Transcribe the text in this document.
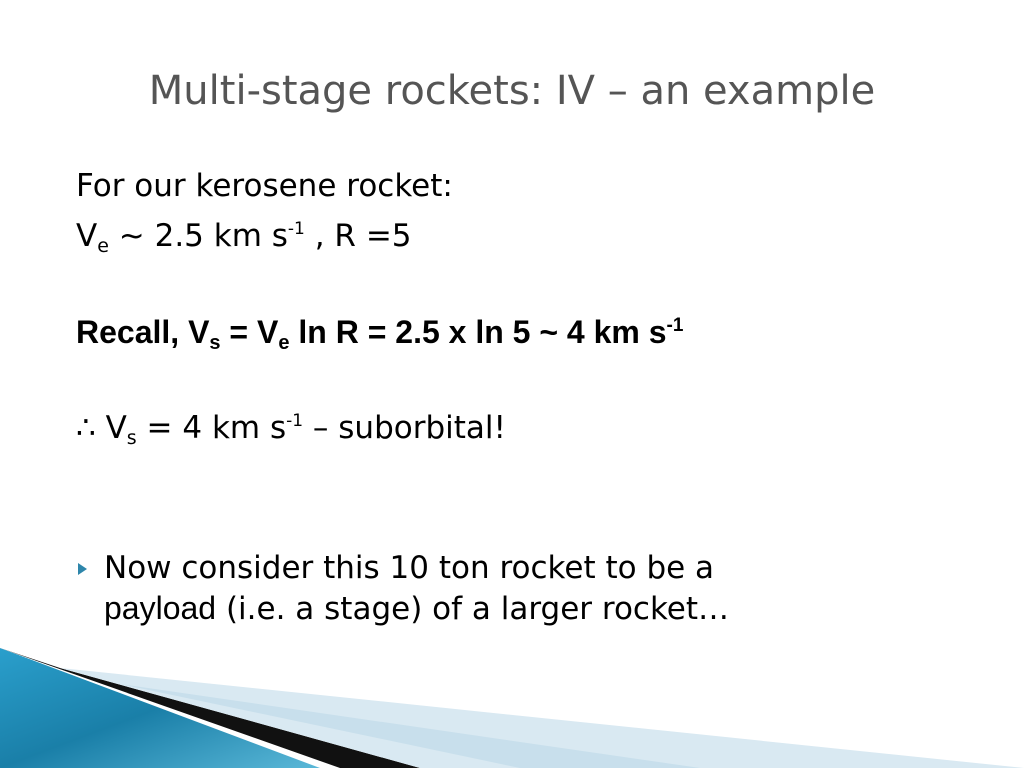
Multi-stage rockets: IV – an example
For our kerosene rocket:
$V_e$ ~ 2.5 km $s^{-1}$ , R =5
Recall, $V_s = V_e$ ln R = 2.5 x ln 5 ~ 4 km $s^{-1}$
∴ $V_s = 4$ km $s^{-1}$ – suborbital!
Now consider this 10 ton rocket to be a
payload (i.e. a stage) of a larger rocket…
